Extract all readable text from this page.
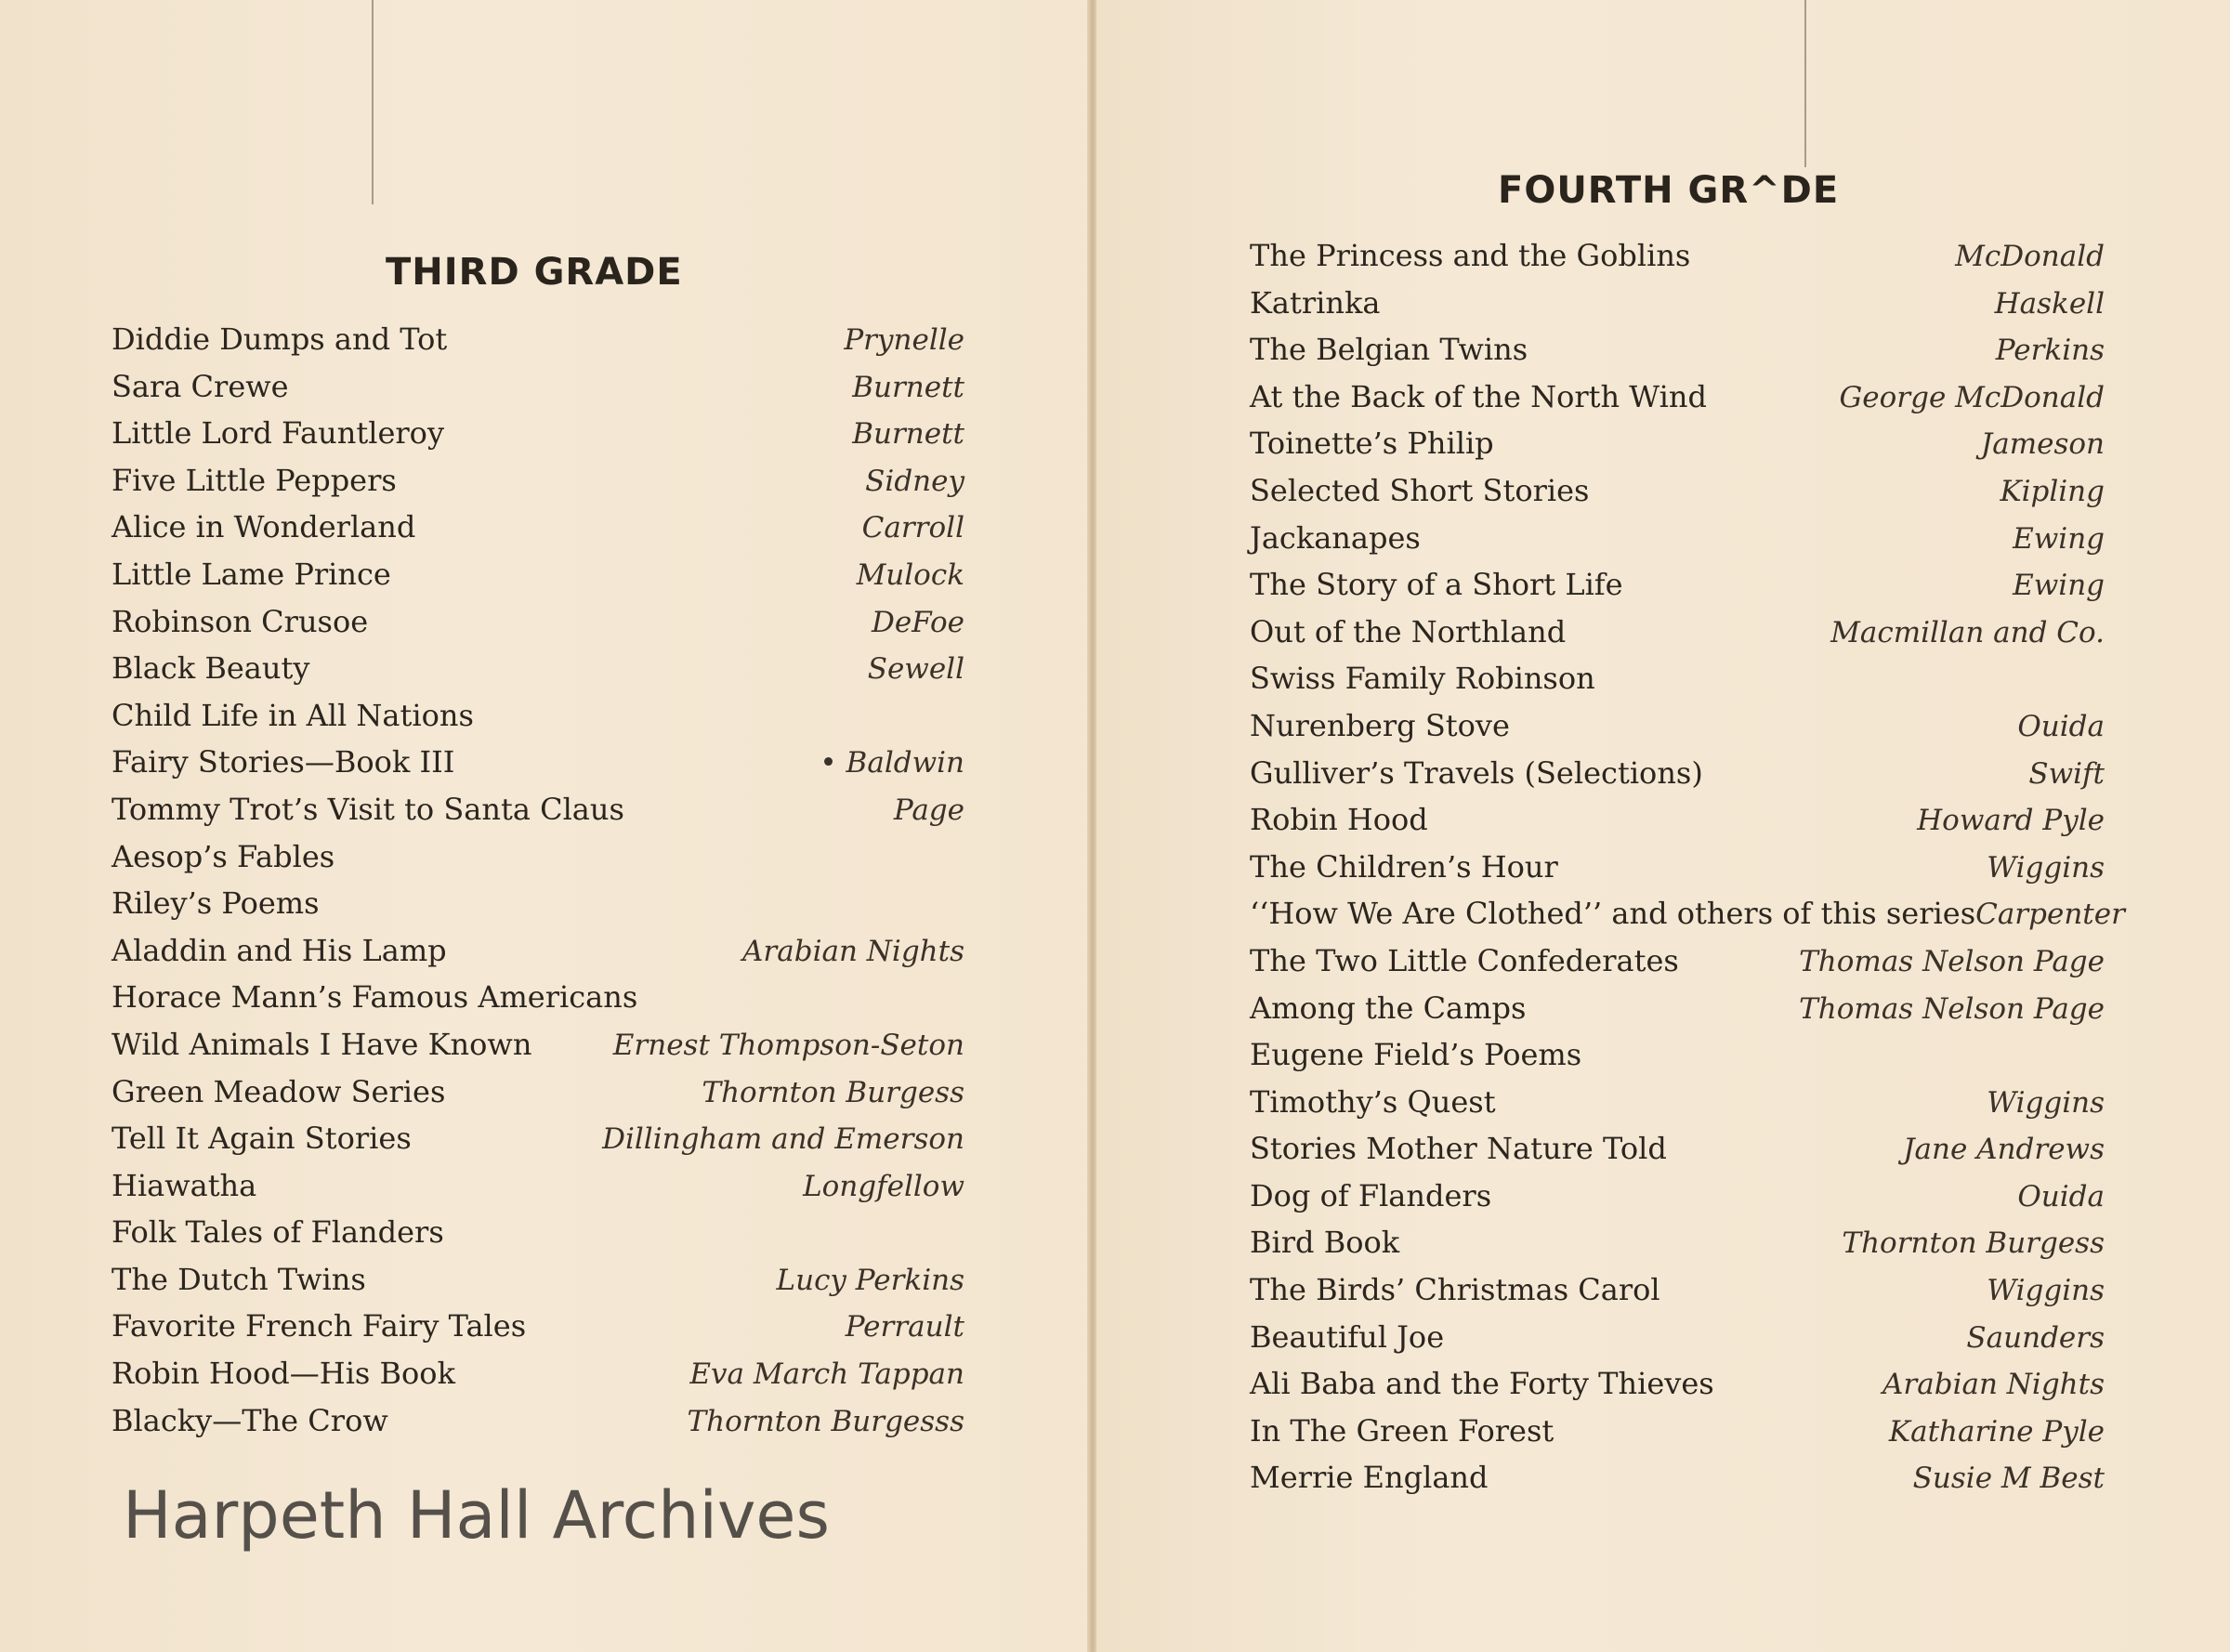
THIRD GRADE
Diddie Dumps and Tot	Prynelle
Sara Crewe	Burnett
Little Lord Fauntleroy	Burnett
Five Little Peppers	Sidney
Alice in Wonderland	Carroll
Little Lame Prince	Mulock
Robinson Crusoe	DeFoe
Black Beauty	Sewell
Child Life in All Nations
Fairy Stories—Book III	• Baldwin
Tommy Trot’s Visit to Santa Claus	Page
Aesop’s Fables
Riley’s Poems
Aladdin and His Lamp	Arabian Nights
Horace Mann’s Famous Americans
Wild Animals I Have Known	Ernest Thompson-Seton
Green Meadow Series	Thornton Burgess
Tell It Again Stories	Dillingham and Emerson
Hiawatha	Longfellow
Folk Tales of Flanders
The Dutch Twins	Lucy Perkins
Favorite French Fairy Tales	Perrault
Robin Hood—His Book	Eva March Tappan
Blacky—The Crow	Thornton Burgesss
Harpeth Hall Archives
FOURTH GR^DE
The Princess and the Goblins	McDonald
Katrinka	Haskell
The Belgian Twins	Perkins
At the Back of the North Wind	George McDonald
Toinette’s Philip	Jameson
Selected Short Stories	Kipling
Jackanapes	Ewing
The Story of a Short Life	Ewing
Out of the Northland	Macmillan and Co.
Swiss Family Robinson
Nurenberg Stove	Ouida
Gulliver’s Travels (Selections)	Swift
Robin Hood	Howard Pyle
The Children’s Hour	Wiggins
‘‘How We Are Clothed’’ and others of this series Carpenter
The Two Little Confederates	Thomas Nelson Page
Among the Camps	Thomas Nelson Page
Eugene Field’s Poems
Timothy’s Quest	Wiggins
Stories Mother Nature Told	Jane Andrews
Dog of Flanders	Ouida
Bird Book	Thornton Burgess
The Birds’ Christmas Carol	Wiggins
Beautiful Joe	Saunders
Ali Baba and the Forty Thieves	Arabian Nights
In The Green Forest	Katharine Pyle
Merrie England	Susie M Best
